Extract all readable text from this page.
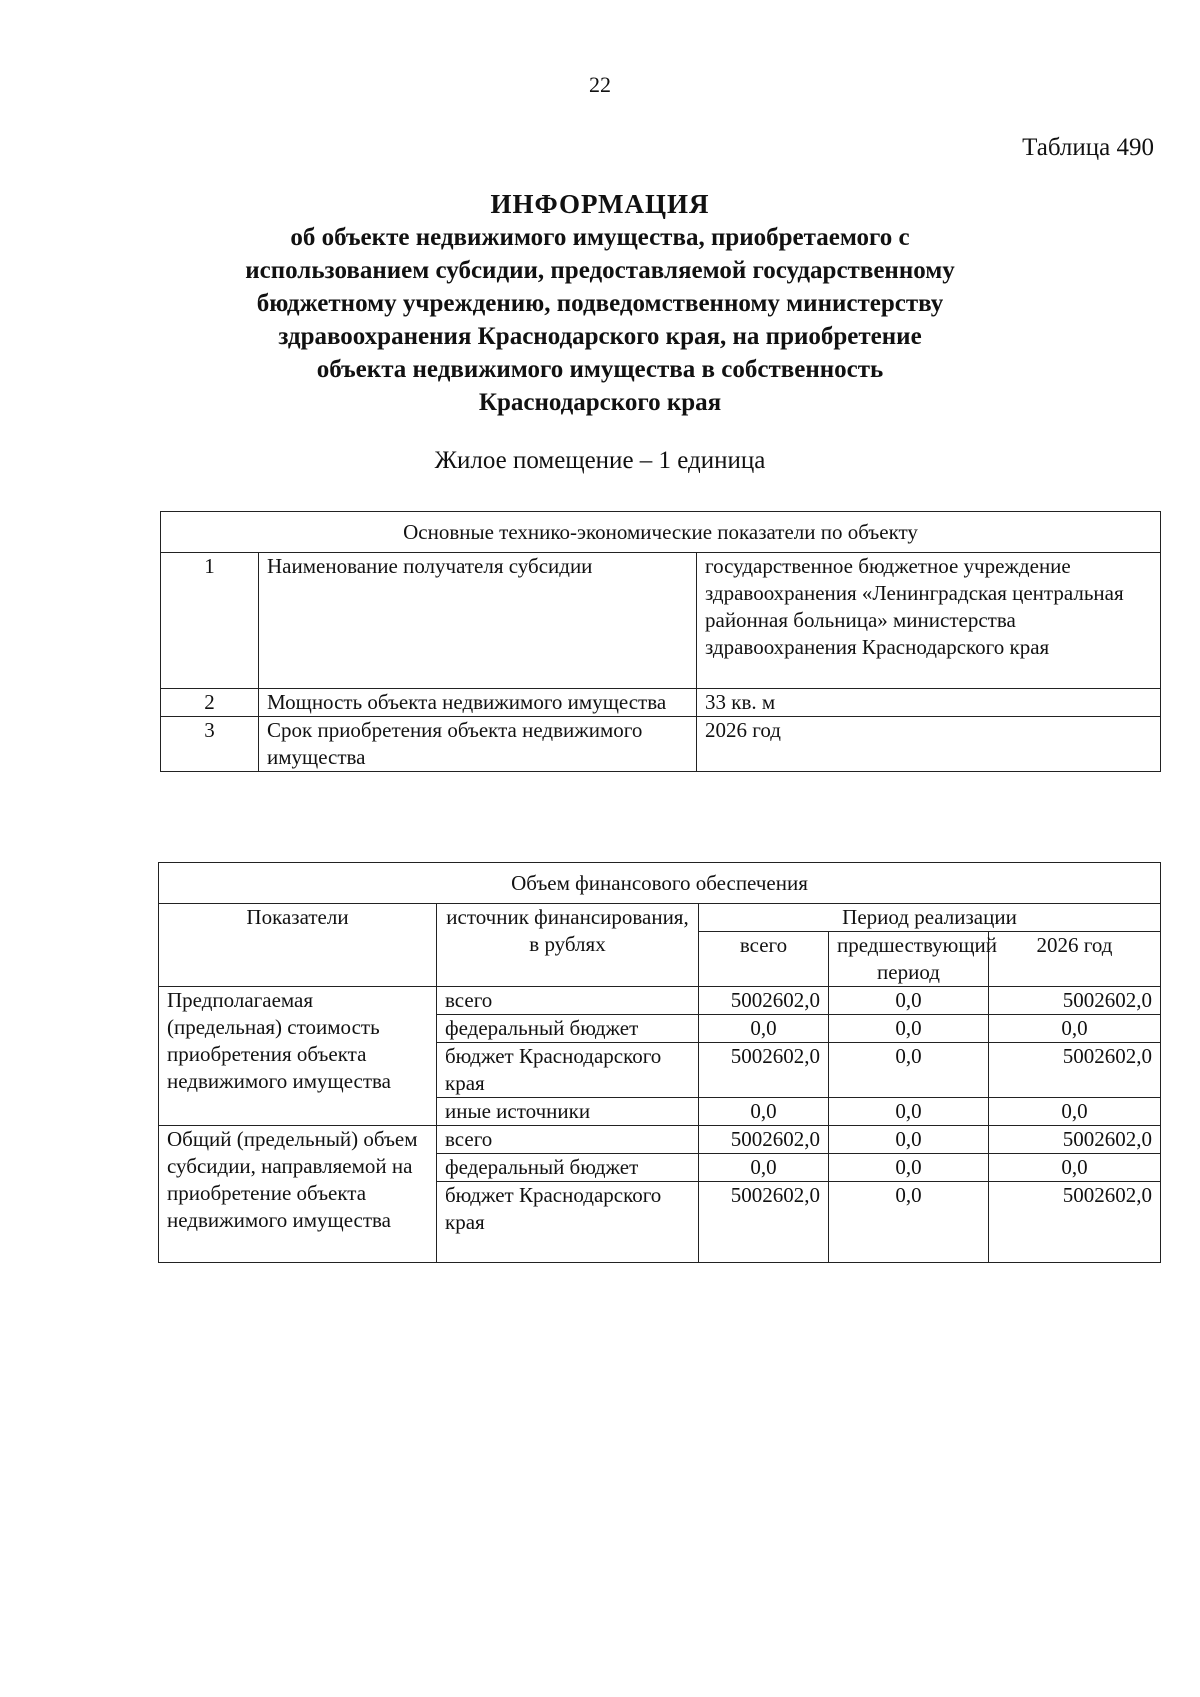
22
Таблица 490
ИНФОРМАЦИЯ
об объекте недвижимого имущества, приобретаемого с
использованием субсидии, предоставляемой государственному
бюджетному учреждению, подведомственному министерству
здравоохранения Краснодарского края, на приобретение
объекта недвижимого имущества в собственность
Краснодарского края
Жилое помещение – 1 единица
Основные технико-экономические показатели по объекту		
1	Наименование получателя субсидии	государственное бюджетное учреждение здравоохранения «Ленинградская центральная районная больница» министерства здравоохранения Краснодарского края
2	Мощность объекта недвижимого имущества	33 кв. м
3	Срок приобретения объекта недвижимого имущества	2026 год
Объем финансового обеспечения				
Показатели	источник финансирования, в рублях	Период реализации		
		всего	предшествующий период	2026 год
Предполагаемая (предельная) стоимость приобретения объекта недвижимого имущества	всего	5002602,0	0,0	5002602,0
	федеральный бюджет	0,0	0,0	0,0
	бюджет Краснодарского края	5002602,0	0,0	5002602,0
	иные источники	0,0	0,0	0,0
Общий (предельный) объем субсидии, направляемой на приобретение объекта недвижимого имущества	всего	5002602,0	0,0	5002602,0
	федеральный бюджет	0,0	0,0	0,0
	бюджет Краснодарского края	5002602,0	0,0	5002602,0
